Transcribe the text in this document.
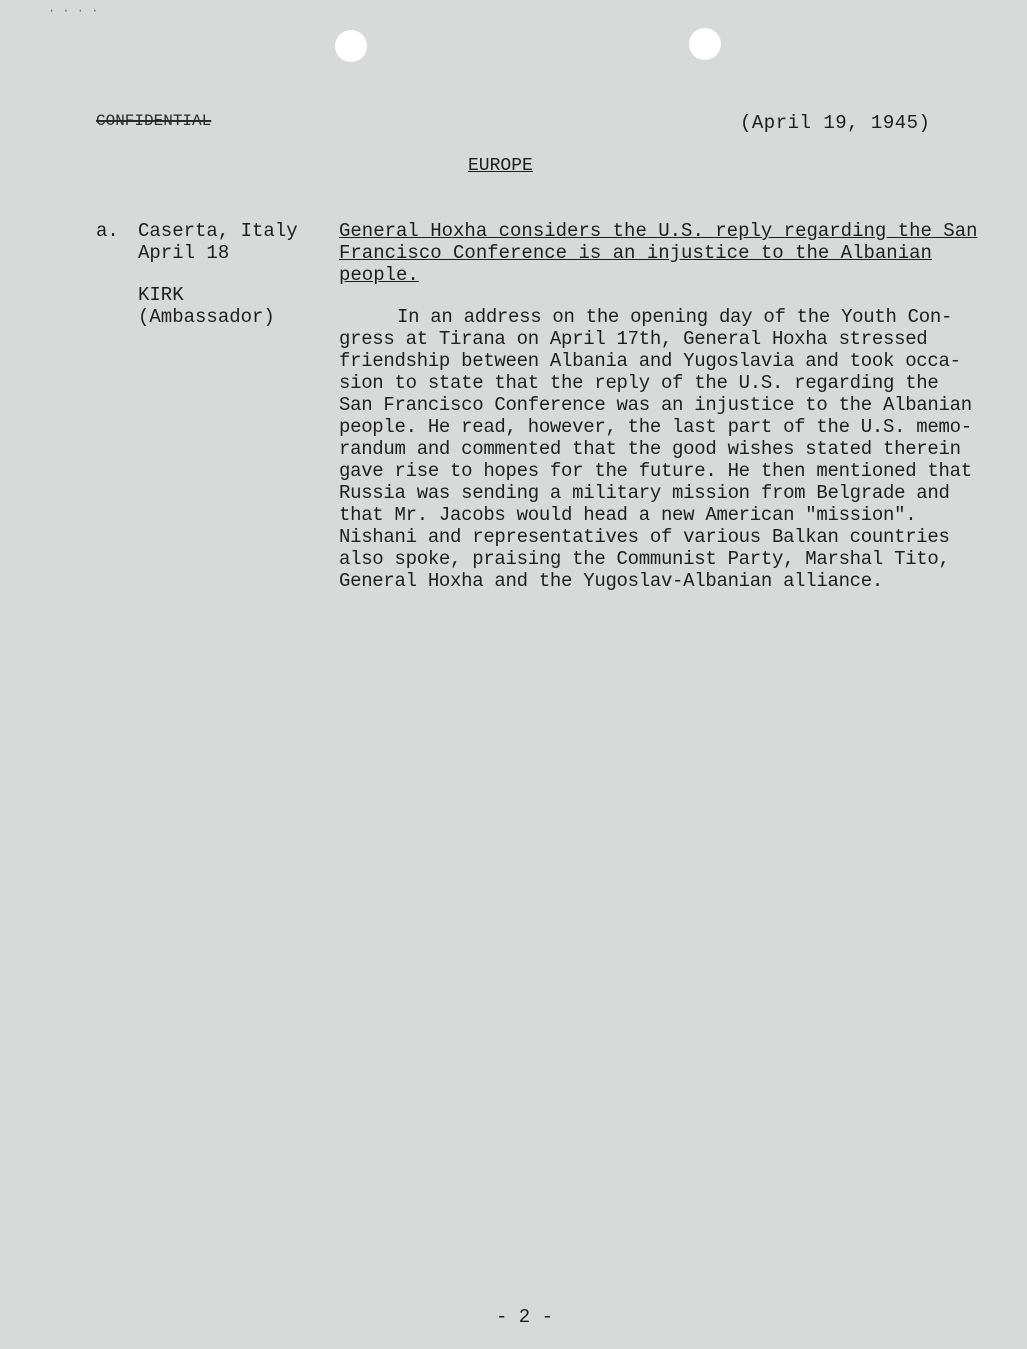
· · · ·
CONFIDENTIAL	(April 19, 1945)
EUROPE
a. Caserta, Italy
April 18
KIRK
(Ambassador)
General Hoxha considers the U.S. reply regarding the San
Francisco Conference is an injustice to the Albanian
people.
In an address on the opening day of the Youth Con-
gress at Tirana on April 17th, General Hoxha stressed
friendship between Albania and Yugoslavia and took occa-
sion to state that the reply of the U.S. regarding the
San Francisco Conference was an injustice to the Albanian
people. He read, however, the last part of the U.S. memo-
randum and commented that the good wishes stated therein
gave rise to hopes for the future. He then mentioned that
Russia was sending a military mission from Belgrade and
that Mr. Jacobs would head a new American "mission".
Nishani and representatives of various Balkan countries
also spoke, praising the Communist Party, Marshal Tito,
General Hoxha and the Yugoslav-Albanian alliance.
- 2 -
